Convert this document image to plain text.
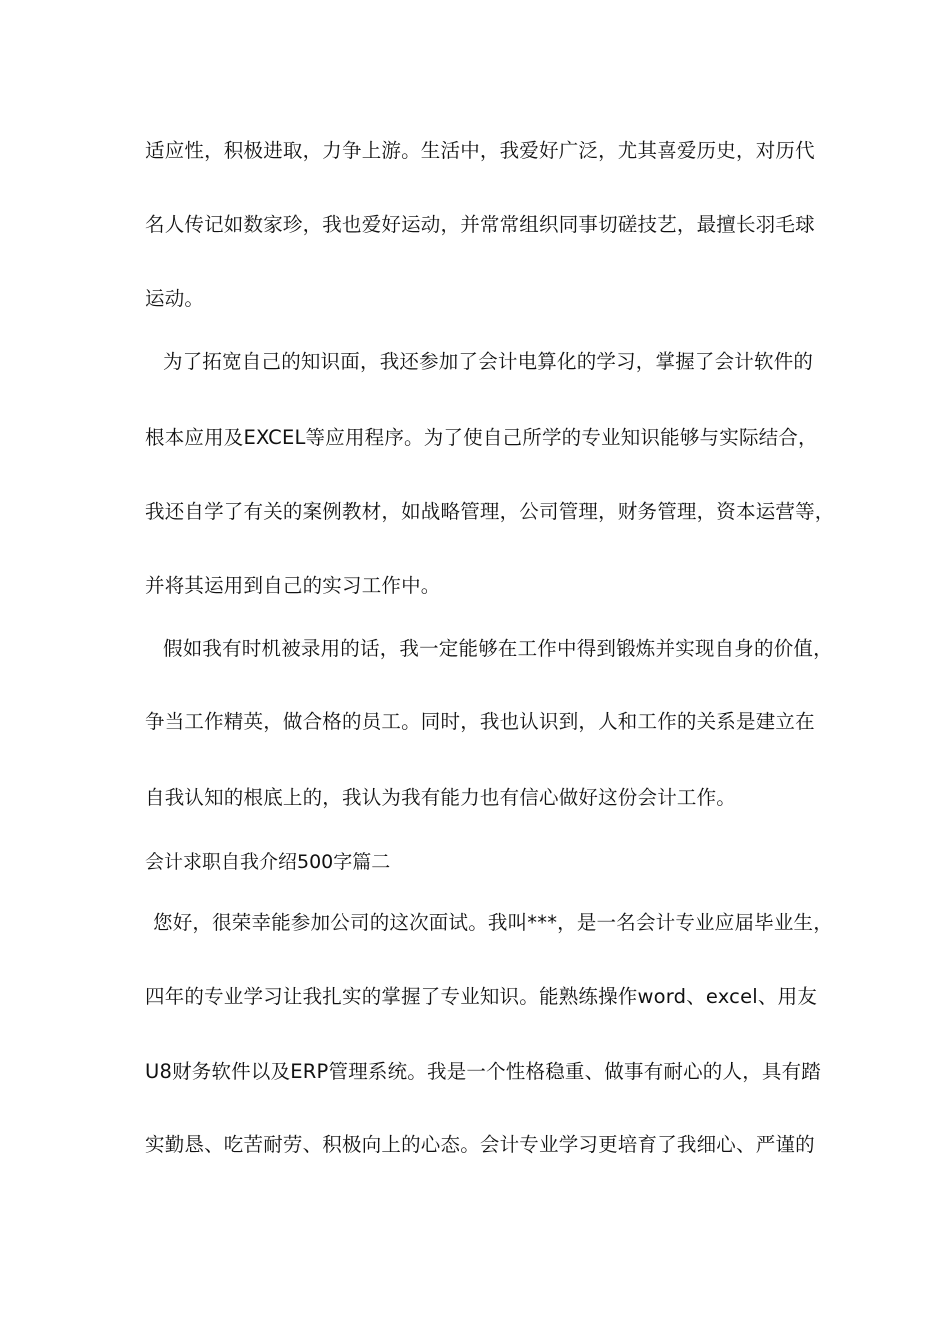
适应性，积极进取，力争上游。生活中，我爱好广泛，尤其喜爱历史，对历代
名人传记如数家珍，我也爱好运动，并常常组织同事切磋技艺，最擅长羽毛球
运动。
为了拓宽自己的知识面，我还参加了会计电算化的学习，掌握了会计软件的
根本应用及EXCEL等应用程序。为了使自己所学的专业知识能够与实际结合，
我还自学了有关的案例教材，如战略管理，公司管理，财务管理，资本运营等，
并将其运用到自己的实习工作中。
假如我有时机被录用的话，我一定能够在工作中得到锻炼并实现自身的价值，
争当工作精英，做合格的员工。同时，我也认识到，人和工作的关系是建立在
自我认知的根底上的，我认为我有能力也有信心做好这份会计工作。
会计求职自我介绍500字篇二
您好，很荣幸能参加公司的这次面试。我叫***，是一名会计专业应届毕业生，
四年的专业学习让我扎实的掌握了专业知识。能熟练操作word、excel、用友
U8财务软件以及ERP管理系统。我是一个性格稳重、做事有耐心的人，具有踏
实勤恳、吃苦耐劳、积极向上的心态。会计专业学习更培育了我细心、严谨的
